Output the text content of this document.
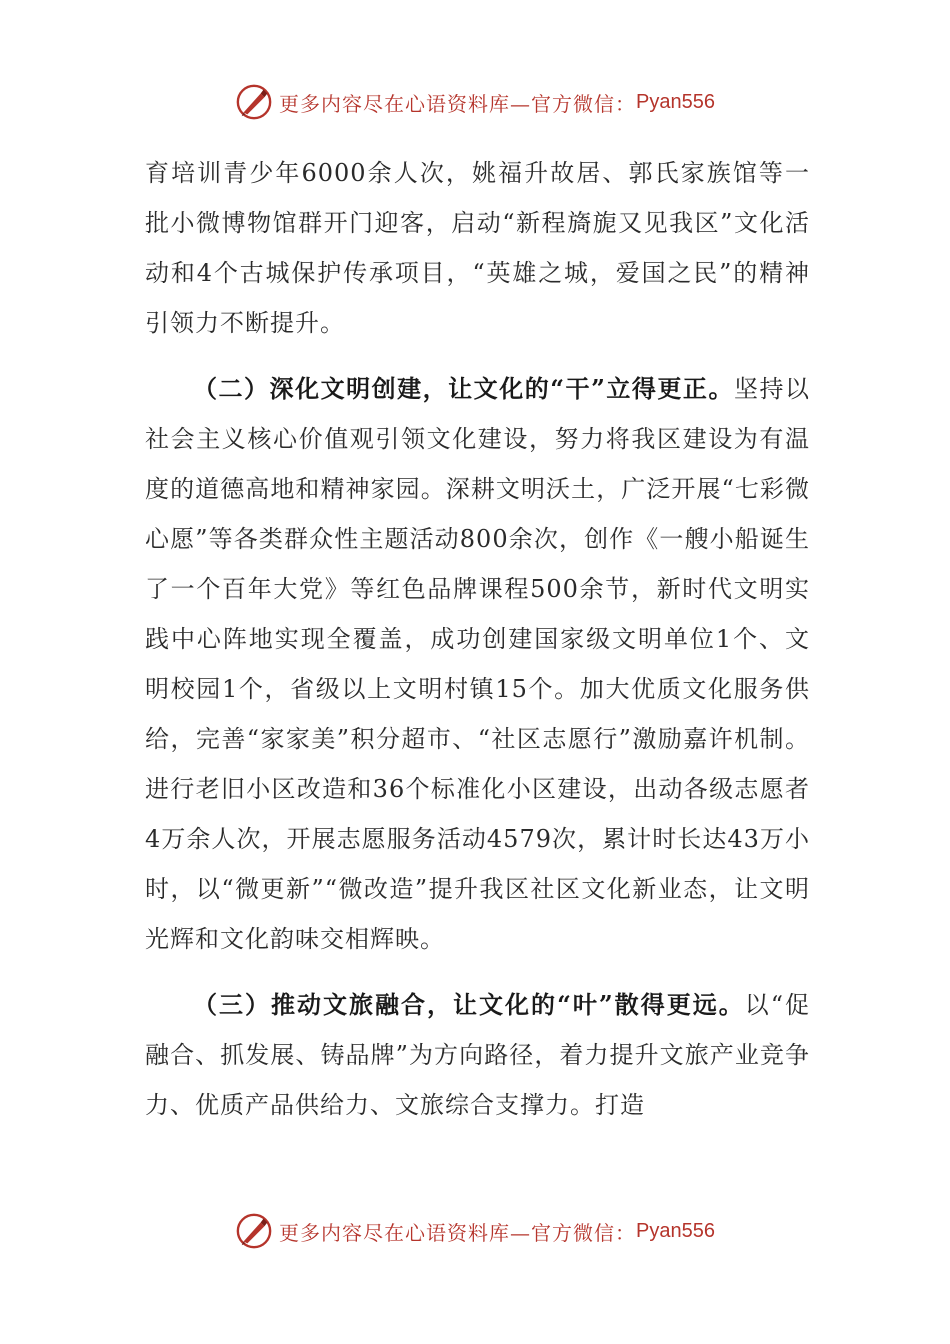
更多内容尽在心语资料库—官方微信： Pyan556

育培训青少年6000余人次，姚福升故居、郭氏家族馆等一批小微博物馆群开门迎客，启动“新程旖旎又见我区”文化活动和4个古城保护传承项目，“英雄之城，爱国之民”的精神引领力不断提升。

（二）深化文明创建，让文化的“干”立得更正。坚持以社会主义核心价值观引领文化建设，努力将我区建设为有温度的道德高地和精神家园。深耕文明沃土，广泛开展“七彩微心愿”等各类群众性主题活动800余次，创作《一艘小船诞生了一个百年大党》等红色品牌课程500余节，新时代文明实践中心阵地实现全覆盖，成功创建国家级文明单位1个、文明校园1个，省级以上文明村镇15个。加大优质文化服务供给，完善“家家美”积分超市、“社区志愿行”激励嘉许机制。进行老旧小区改造和36个标准化小区建设，出动各级志愿者4万余人次，开展志愿服务活动4579次，累计时长达43万小时，以“微更新”“微改造”提升我区社区文化新业态，让文明光辉和文化韵味交相辉映。

（三）推动文旅融合，让文化的“叶”散得更远。以“促融合、抓发展、铸品牌”为方向路径，着力提升文旅产业竞争力、优质产品供给力、文旅综合支撑力。打造

更多内容尽在心语资料库—官方微信： Pyan556
